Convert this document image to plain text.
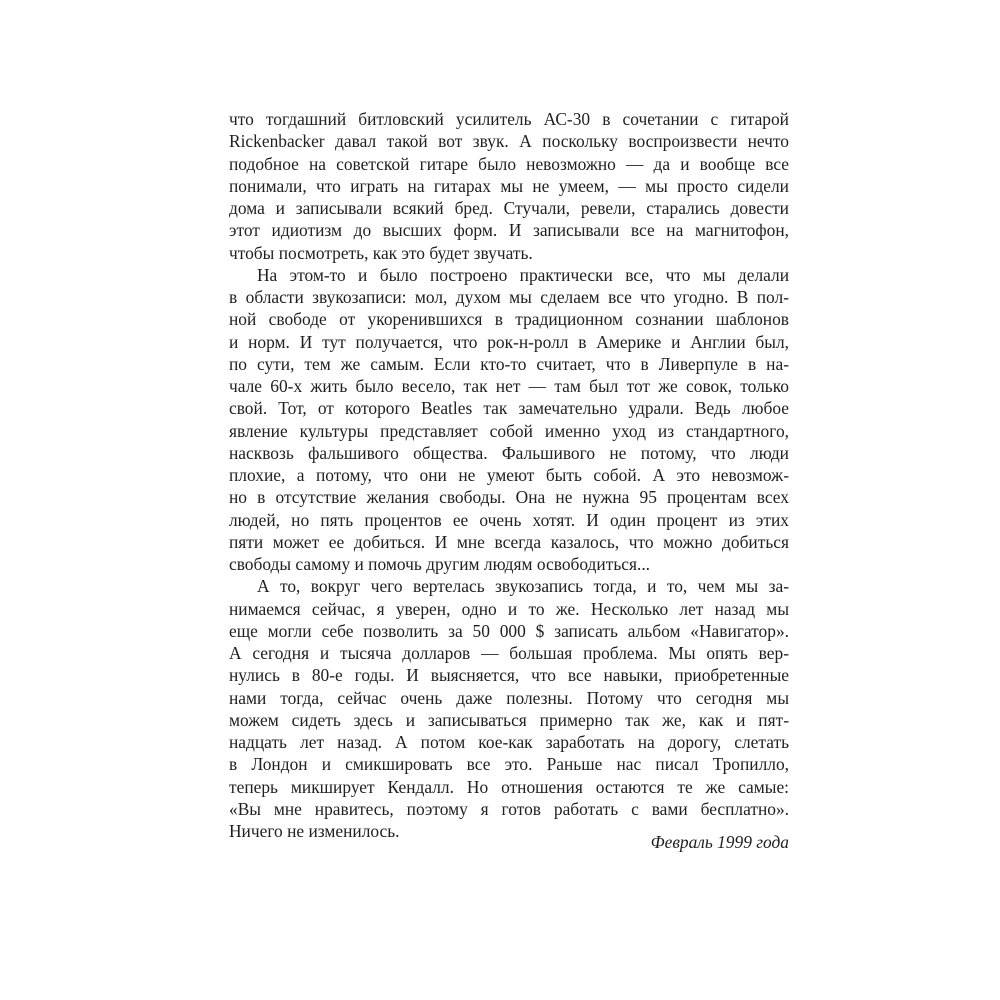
что тогдашний битловский усилитель АС-30 в сочетании с гитарой
Rickenbacker давал такой вот звук. А поскольку воспроизвести нечто
подобное на советской гитаре было невозможно — да и вообще все
понимали, что играть на гитарах мы не умеем, — мы просто сидели
дома и записывали всякий бред. Стучали, ревели, старались довести
этот идиотизм до высших форм. И записывали все на магнитофон,
чтобы посмотреть, как это будет звучать.
На этом-то и было построено практически все, что мы делали
в области звукозаписи: мол, духом мы сделаем все что угодно. В пол-
ной свободе от укоренившихся в традиционном сознании шаблонов
и норм. И тут получается, что рок-н-ролл в Америке и Англии был,
по сути, тем же самым. Если кто-то считает, что в Ливерпуле в на-
чале 60-х жить было весело, так нет — там был тот же совок, только
свой. Тот, от которого Beatles так замечательно удрали. Ведь любое
явление культуры представляет собой именно уход из стандартного,
насквозь фальшивого общества. Фальшивого не потому, что люди
плохие, а потому, что они не умеют быть собой. А это невозмож-
но в отсутствие желания свободы. Она не нужна 95 процентам всех
людей, но пять процентов ее очень хотят. И один процент из этих
пяти может ее добиться. И мне всегда казалось, что можно добиться
свободы самому и помочь другим людям освободиться...
А то, вокруг чего вертелась звукозапись тогда, и то, чем мы за-
нимаемся сейчас, я уверен, одно и то же. Несколько лет назад мы
еще могли себе позволить за 50 000 $ записать альбом «Навигатор».
А сегодня и тысяча долларов — большая проблема. Мы опять вер-
нулись в 80-е годы. И выясняется, что все навыки, приобретенные
нами тогда, сейчас очень даже полезны. Потому что сегодня мы
можем сидеть здесь и записываться примерно так же, как и пят-
надцать лет назад. А потом кое-как заработать на дорогу, слетать
в Лондон и смикшировать все это. Раньше нас писал Тропилло,
теперь микширует Кендалл. Но отношения остаются те же самые:
«Вы мне нравитесь, поэтому я готов работать с вами бесплатно».
Ничего не изменилось.
Февраль 1999 года
